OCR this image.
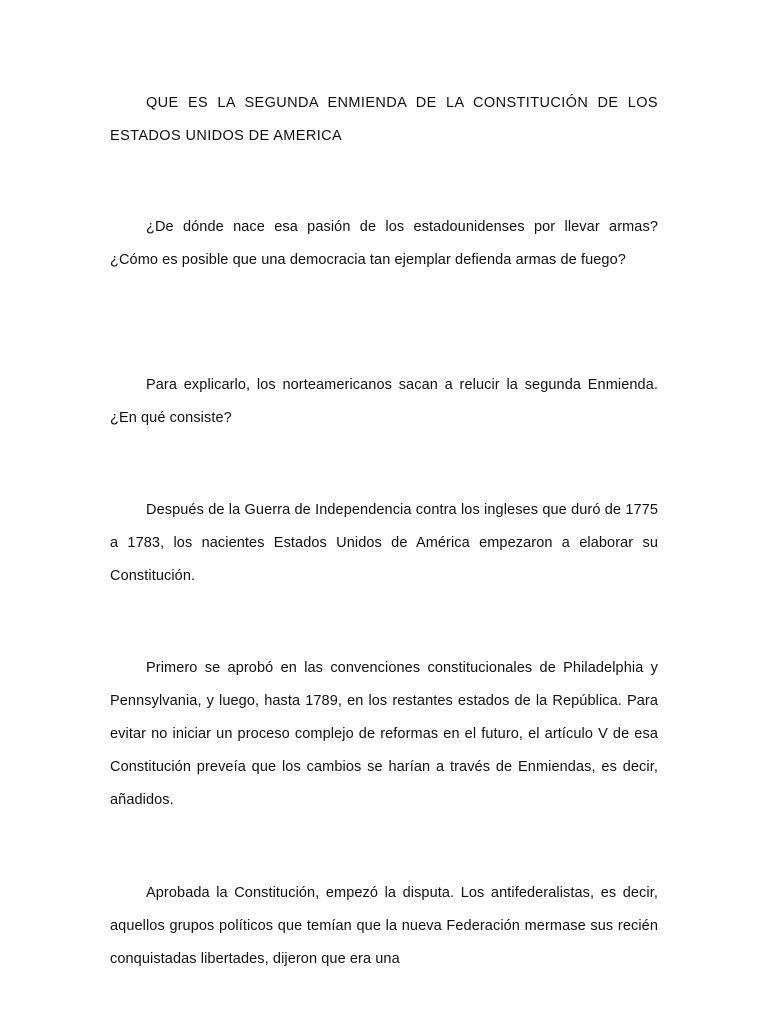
QUE ES LA SEGUNDA ENMIENDA DE LA CONSTITUCIÓN DE LOS ESTADOS UNIDOS DE AMERICA

¿De dónde nace esa pasión de los estadounidenses por llevar armas? ¿Cómo es posible que una democracia tan ejemplar defienda armas de fuego?

Para explicarlo, los norteamericanos sacan a relucir la segunda Enmienda. ¿En qué consiste?

Después de la Guerra de Independencia contra los ingleses que duró de 1775 a 1783, los nacientes Estados Unidos de América empezaron a elaborar su Constitución.

Primero se aprobó en las convenciones constitucionales de Philadelphia y Pennsylvania, y luego, hasta 1789, en los restantes estados de la República. Para evitar no iniciar un proceso complejo de reformas en el futuro, el artículo V de esa Constitución preveía que los cambios se harían a través de Enmiendas, es decir, añadidos.

Aprobada la Constitución, empezó la disputa. Los antifederalistas, es decir, aquellos grupos políticos que temían que la nueva Federación mermase sus recién conquistadas libertades, dijeron que era una
